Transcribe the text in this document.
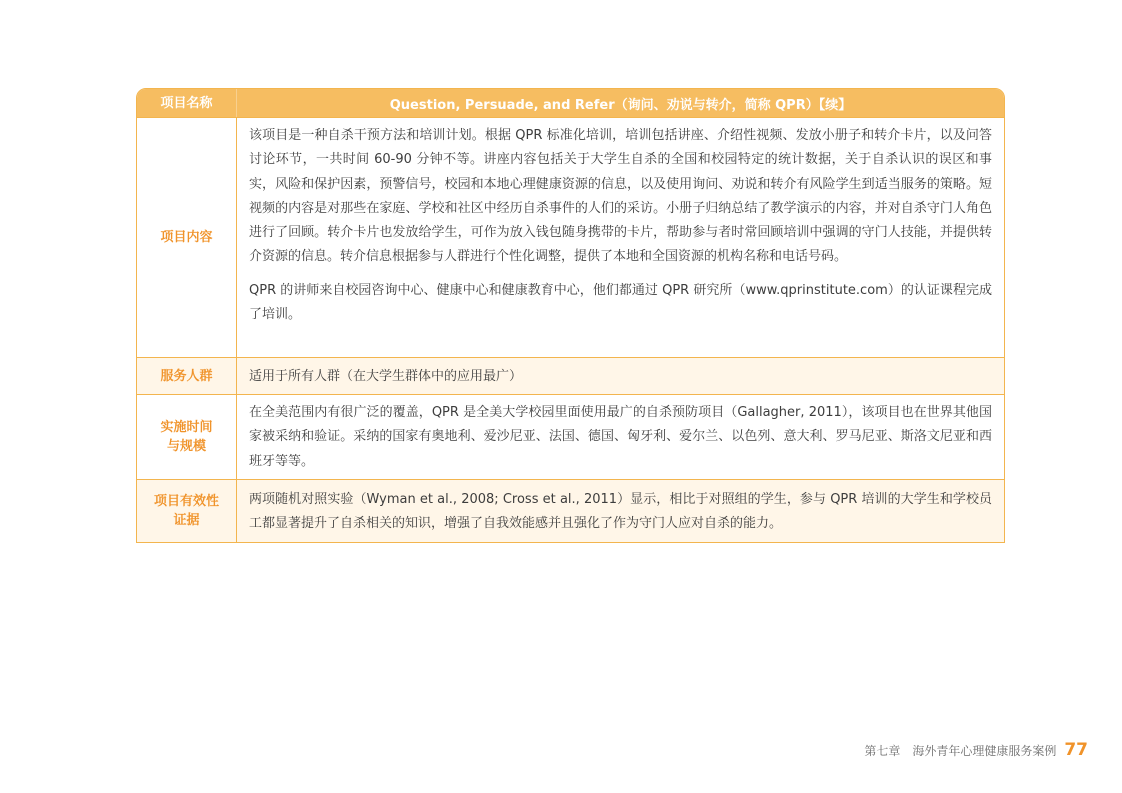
项目名称	Question, Persuade, and Refer（询问、劝说与转介，简称 QPR）【续】
项目内容

该项目是一种自杀干预方法和培训计划。根据 QPR 标准化培训，培训包括讲座、介绍性视频、发放小册子和转介卡片，以及问答讨论环节，一共时间 60-90 分钟不等。讲座内容包括关于大学生自杀的全国和校园特定的统计数据，关于自杀认识的误区和事实，风险和保护因素，预警信号，校园和本地心理健康资源的信息，以及使用询问、劝说和转介有风险学生到适当服务的策略。短视频的内容是对那些在家庭、学校和社区中经历自杀事件的人们的采访。小册子归纳总结了教学演示的内容，并对自杀守门人角色进行了回顾。转介卡片也发放给学生，可作为放入钱包随身携带的卡片，帮助参与者时常回顾培训中强调的守门人技能，并提供转介资源的信息。转介信息根据参与人群进行个性化调整，提供了本地和全国资源的机构名称和电话号码。

QPR 的讲师来自校园咨询中心、健康中心和健康教育中心，他们都通过 QPR 研究所（www.qprinstitute.com）的认证课程完成了培训。

服务人群	适用于所有人群（在大学生群体中的应用最广）

实施时间
与规模

在全美范围内有很广泛的覆盖，QPR 是全美大学校园里面使用最广的自杀预防项目（Gallagher, 2011），该项目也在世界其他国家被采纳和验证。采纳的国家有奥地利、爱沙尼亚、法国、德国、匈牙利、爱尔兰、以色列、意大利、罗马尼亚、斯洛文尼亚和西班牙等等。

项目有效性
证据

两项随机对照实验（Wyman et al., 2008; Cross et al., 2011）显示，相比于对照组的学生，参与 QPR 培训的大学生和学校员工都显著提升了自杀相关的知识，增强了自我效能感并且强化了作为守门人应对自杀的能力。

第七章　海外青年心理健康服务案例 77
